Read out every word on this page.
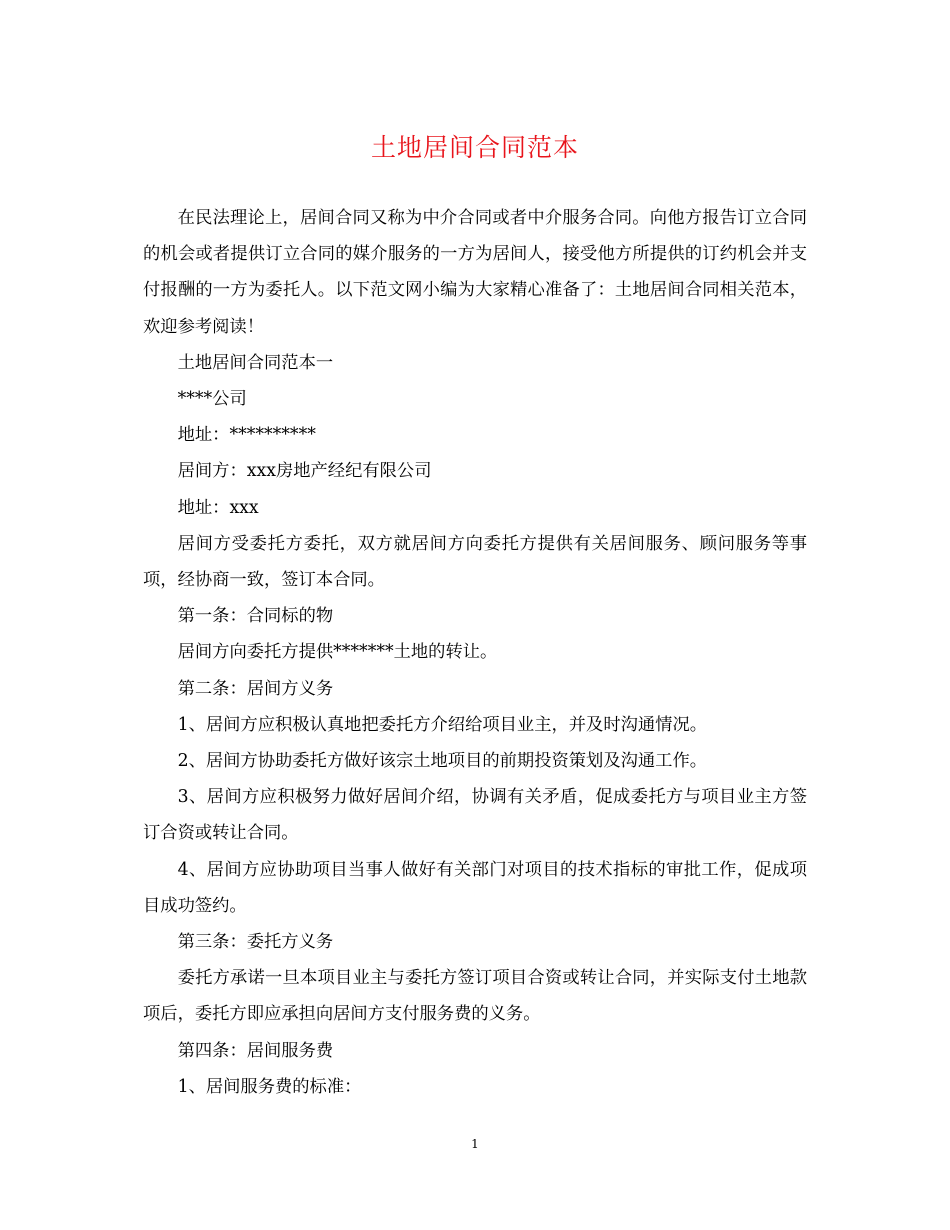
土地居间合同范本

在民法理论上，居间合同又称为中介合同或者中介服务合同。向他方报告订立合同的机会或者提供订立合同的媒介服务的一方为居间人，接受他方所提供的订约机会并支付报酬的一方为委托人。以下范文网小编为大家精心准备了：土地居间合同相关范本，欢迎参考阅读！

土地居间合同范本一

****公司

地址：**********

居间方：xxx房地产经纪有限公司

地址：xxx

居间方受委托方委托，双方就居间方向委托方提供有关居间服务、顾问服务等事项，经协商一致，签订本合同。

第一条：合同标的物

居间方向委托方提供*******土地的转让。

第二条：居间方义务

1、居间方应积极认真地把委托方介绍给项目业主，并及时沟通情况。

2、居间方协助委托方做好该宗土地项目的前期投资策划及沟通工作。

3、居间方应积极努力做好居间介绍，协调有关矛盾，促成委托方与项目业主方签订合资或转让合同。

4、居间方应协助项目当事人做好有关部门对项目的技术指标的审批工作，促成项目成功签约。

第三条：委托方义务

委托方承诺一旦本项目业主与委托方签订项目合资或转让合同，并实际支付土地款项后，委托方即应承担向居间方支付服务费的义务。

第四条：居间服务费

1、居间服务费的标准：

1
